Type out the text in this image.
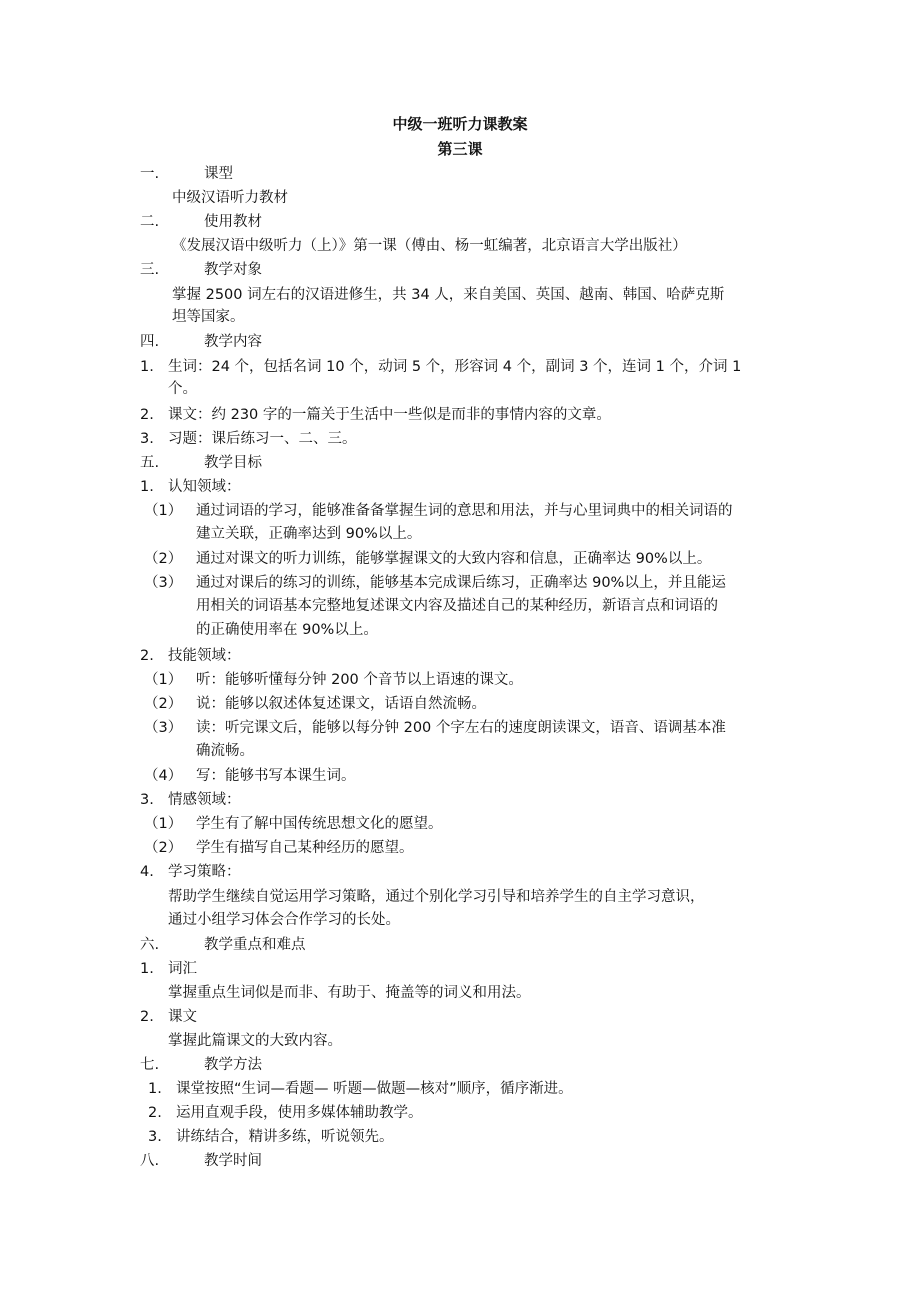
中级一班听力课教案
第三课
一.	课型
中级汉语听力教材
二.	使用教材
《发展汉语中级听力（上）》第一课（傅由、杨一虹编著，北京语言大学出版社）
三.	教学对象
掌握 2500 词左右的汉语进修生，共 34 人，来自美国、英国、越南、韩国、哈萨克斯
坦等国家。
四.	教学内容
1. 生词：24 个，包括名词 10 个，动词 5 个，形容词 4 个，副词 3 个，连词 1 个，介词 1
个。
2. 课文：约 230 字的一篇关于生活中一些似是而非的事情内容的文章。
3. 习题：课后练习一、二、三。
五.	教学目标
1. 认知领域：
（1） 通过词语的学习，能够准备备掌握生词的意思和用法，并与心里词典中的相关词语的
建立关联，正确率达到 90%以上。
（2） 通过对课文的听力训练，能够掌握课文的大致内容和信息，正确率达 90%以上。
（3） 通过对课后的练习的训练，能够基本完成课后练习，正确率达 90%以上，并且能运
用相关的词语基本完整地复述课文内容及描述自己的某种经历，新语言点和词语的
的正确使用率在 90%以上。
2. 技能领域：
（1） 听：能够听懂每分钟 200 个音节以上语速的课文。
（2） 说：能够以叙述体复述课文，话语自然流畅。
（3） 读：听完课文后，能够以每分钟 200 个字左右的速度朗读课文，语音、语调基本准
确流畅。
（4） 写：能够书写本课生词。
3. 情感领域：
（1） 学生有了解中国传统思想文化的愿望。
（2） 学生有描写自己某种经历的愿望。
4. 学习策略：
帮助学生继续自觉运用学习策略，通过个别化学习引导和培养学生的自主学习意识，
通过小组学习体会合作学习的长处。
六.	教学重点和难点
1. 词汇
掌握重点生词似是而非、有助于、掩盖等的词义和用法。
2. 课文
掌握此篇课文的大致内容。
七.	教学方法
1. 课堂按照“生词—看题— 听题—做题—核对”顺序，循序渐进。
2. 运用直观手段，使用多媒体辅助教学。
3. 讲练结合，精讲多练，听说领先。
八.	教学时间
